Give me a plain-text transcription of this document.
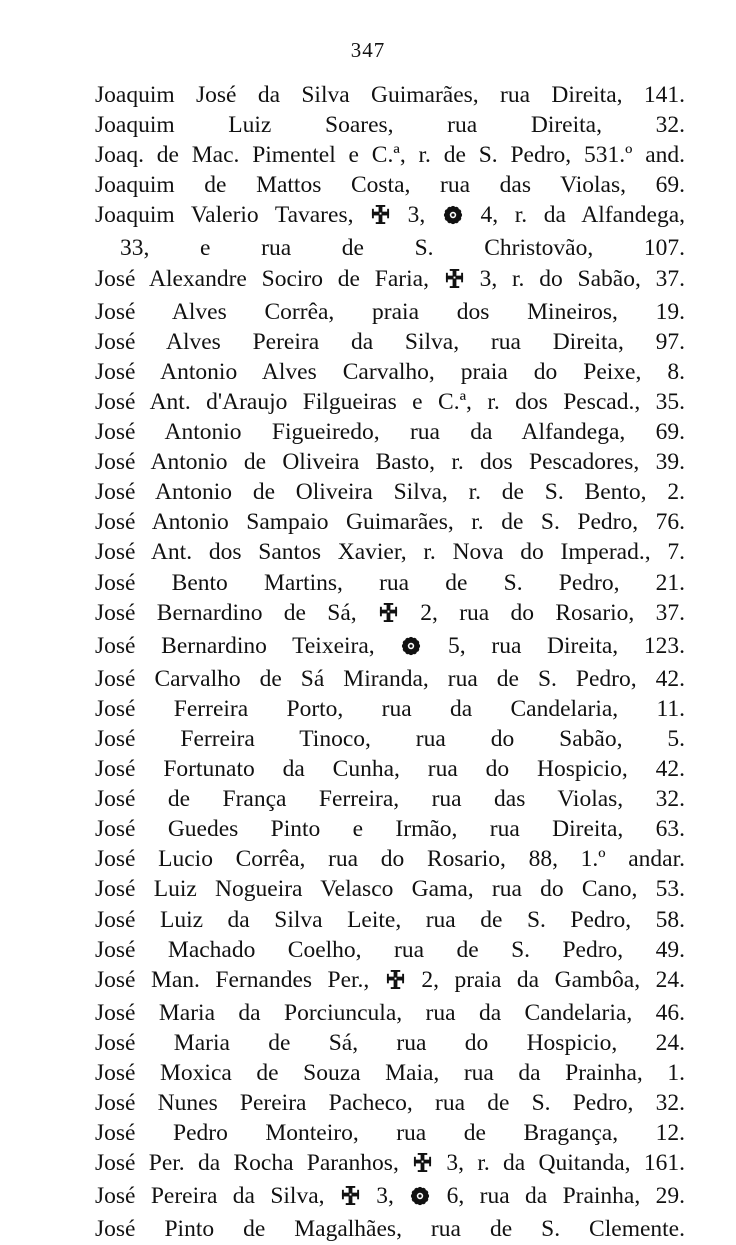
347
Joaquim José da Silva Guimarães, rua Direita, 141.
Joaquim Luiz Soares, rua Direita, 32.
Joaq. de Mac. Pimentel e C.ª, r. de S. Pedro, 531.º and.
Joaquim de Mattos Costa, rua das Violas, 69.
Joaquim Valerio Tavares,  3,  4, r. da Alfandega,
33, e rua de S. Christovão, 107.
José Alexandre Socirо de Faria,  3, r. do Sabão, 37.
José Alves Corrêa, praia dos Mineiros, 19.
José Alves Pereira da Silva, rua Direita, 97.
José Antonio Alves Carvalho, praia do Peixe, 8.
José Ant. d'Araujo Filgueiras e C.ª, r. dos Pescad., 35.
José Antonio Figueiredo, rua da Alfandega, 69.
José Antonio de Oliveira Basto, r. dos Pescadores, 39.
José Antonio de Oliveira Silva, r. de S. Bento, 2.
José Antonio Sampaio Guimarães, r. de S. Pedro, 76.
José Ant. dos Santos Xavier, r. Nova do Imperad., 7.
José Bento Martins, rua de S. Pedro, 21.
José Bernardino de Sá,  2, rua do Rosario, 37.
José Bernardino Teixeira,  5, rua Direita, 123.
José Carvalho de Sá Miranda, rua de S. Pedro, 42.
José Ferreira Porto, rua da Candelaria, 11.
José Ferreira Tinoco, rua do Sabão, 5.
José Fortunato da Cunha, rua do Hospicio, 42.
José de França Ferreira, rua das Violas, 32.
José Guedes Pinto e Irmão, rua Direita, 63.
José Lucio Corrêa, rua do Rosario, 88, 1.º andar.
José Luiz Nogueira Velasco Gama, rua do Cano, 53.
José Luiz da Silva Leite, rua de S. Pedro, 58.
José Machado Coelho, rua de S. Pedro, 49.
José Man. Fernandes Per.,  2, praia da Gambôa, 24.
José Maria da Porciuncula, rua da Candelaria, 46.
José Maria de Sá, rua do Hospicio, 24.
José Moxica de Souza Maia, rua da Prainha, 1.
José Nunes Pereira Pacheco, rua de S. Pedro, 32.
José Pedro Monteiro, rua de Bragança, 12.
José Per. da Rocha Paranhos,  3, r. da Quitanda, 161.
José Pereira da Silva,  3,  6, rua da Prainha, 29.
José Pinto de Magalhães, rua de S. Clemente.
